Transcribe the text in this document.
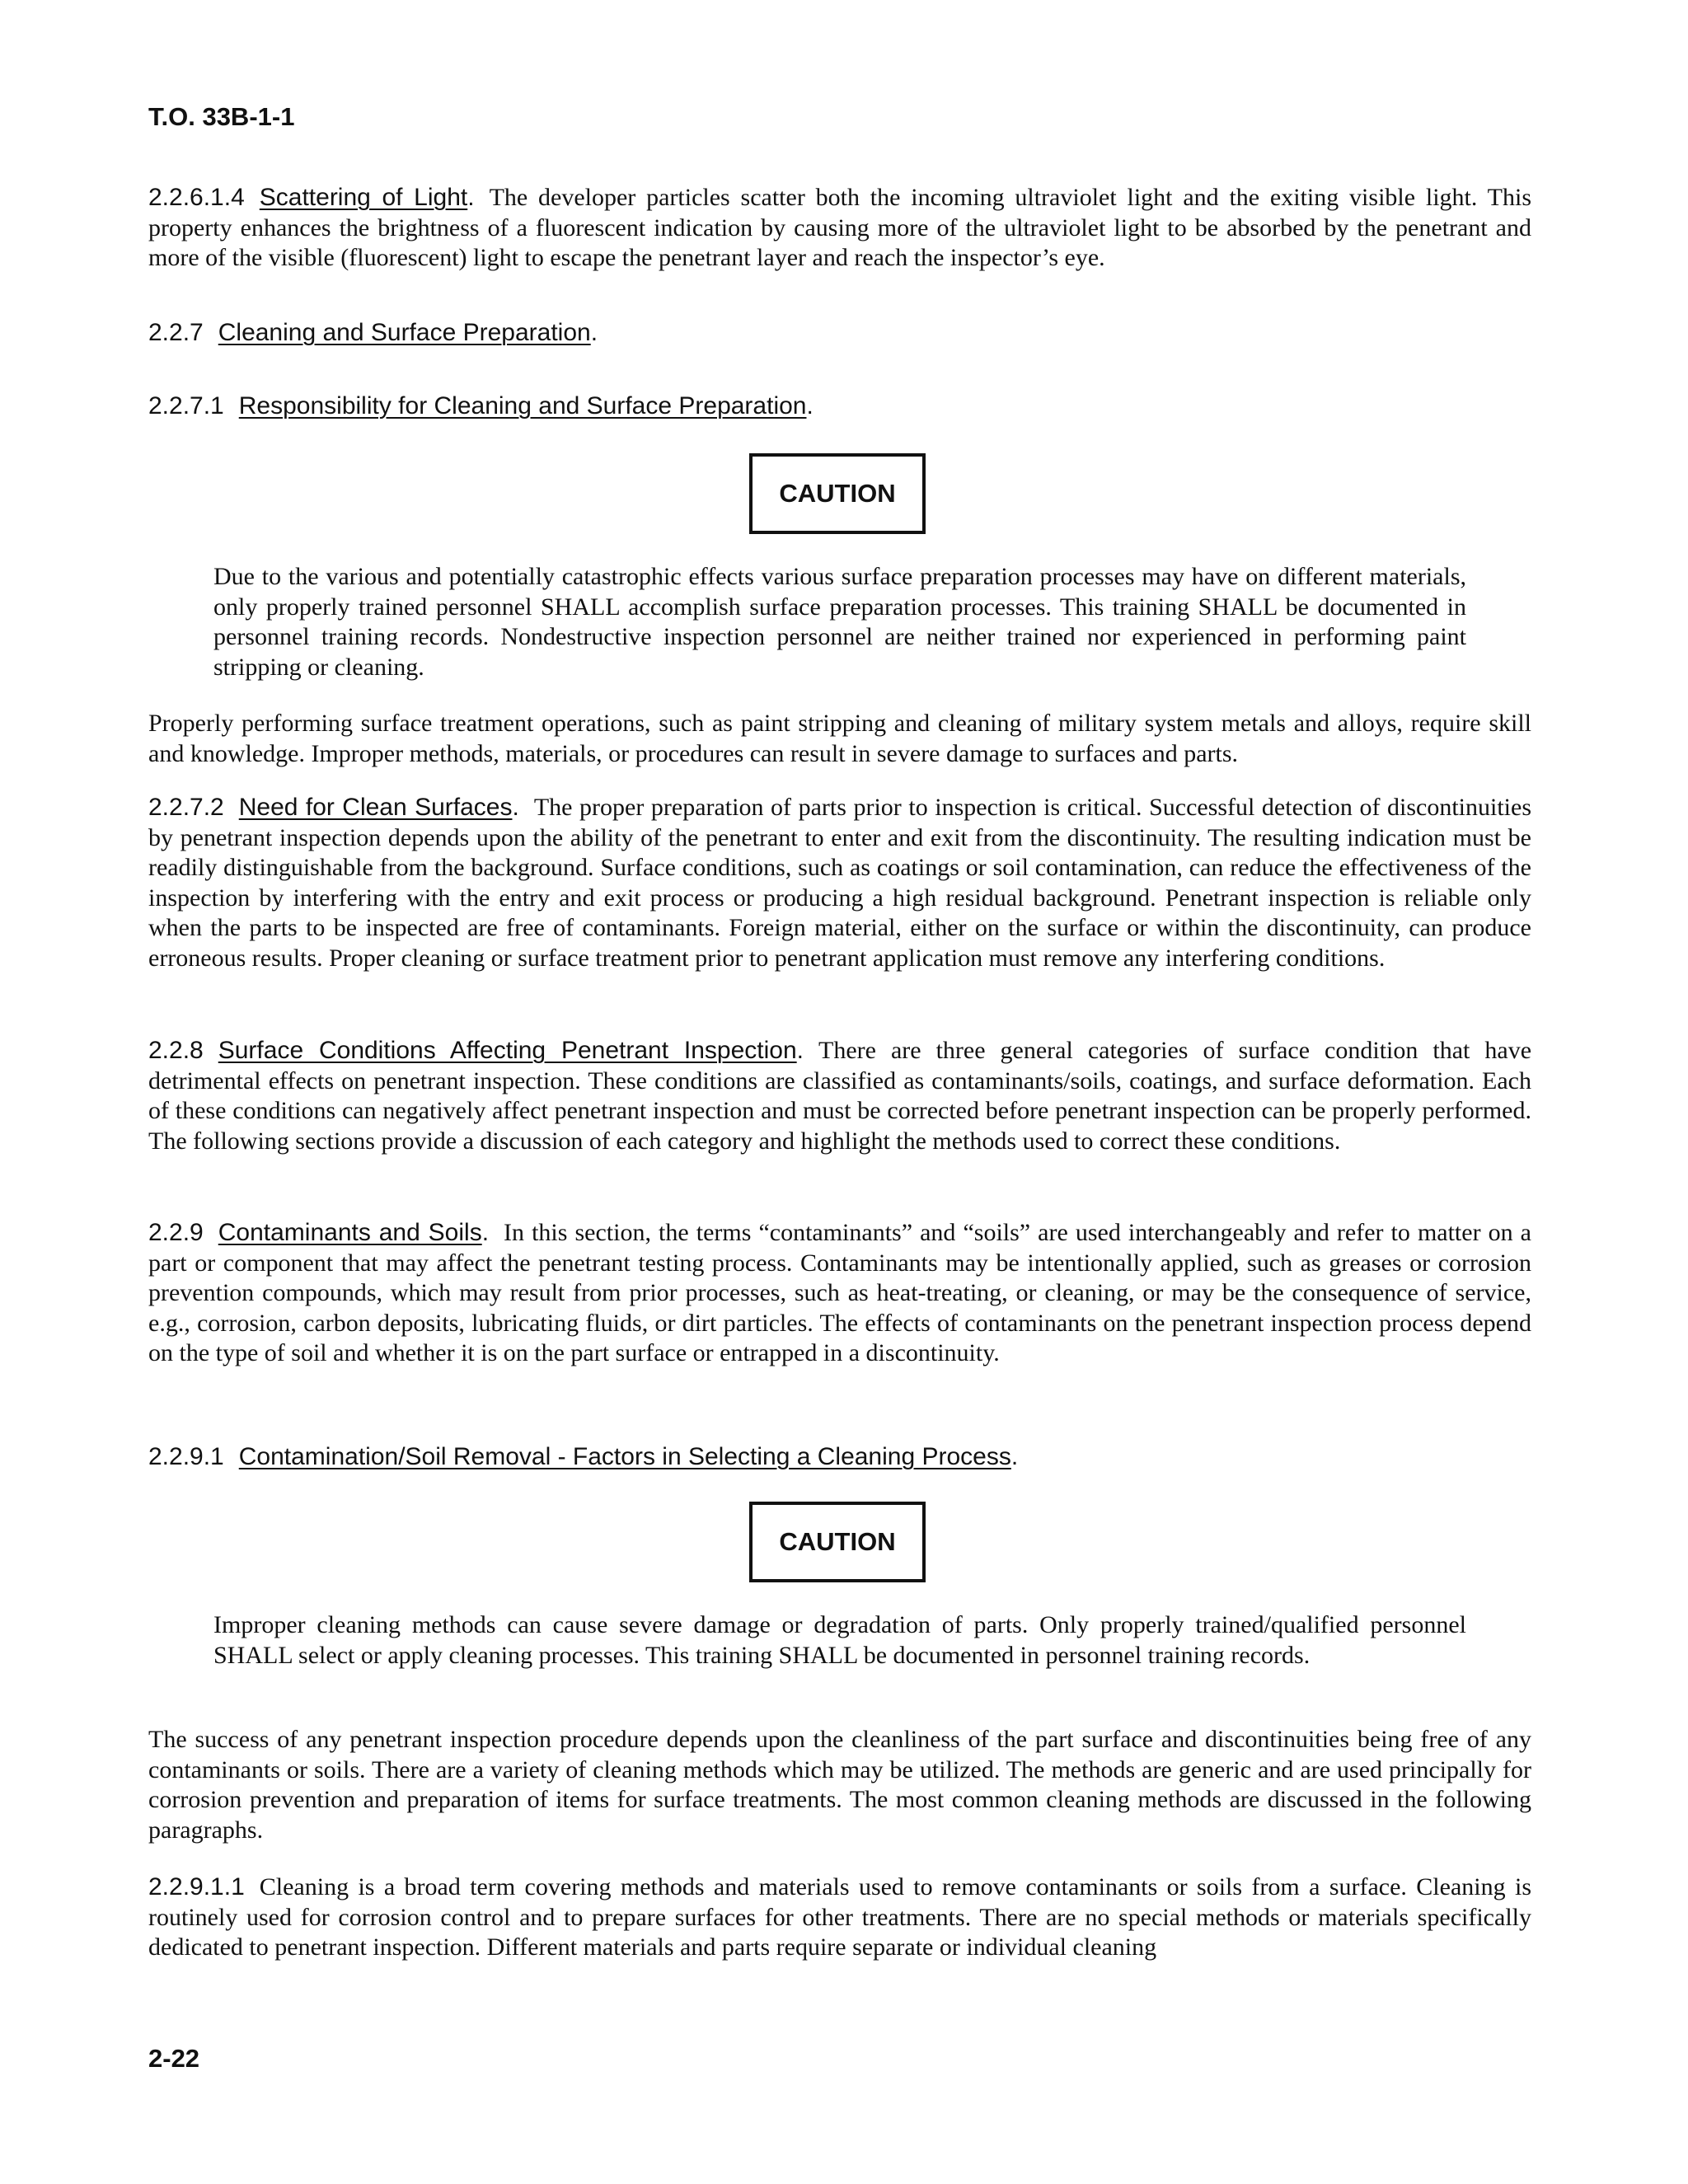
T.O. 33B-1-1
2.2.6.1.4 Scattering of Light. The developer particles scatter both the incoming ultraviolet light and the exiting visible light. This property enhances the brightness of a fluorescent indication by causing more of the ultraviolet light to be absorbed by the penetrant and more of the visible (fluorescent) light to escape the penetrant layer and reach the inspector’s eye.
2.2.7 Cleaning and Surface Preparation.
2.2.7.1 Responsibility for Cleaning and Surface Preparation.
CAUTION
Due to the various and potentially catastrophic effects various surface preparation processes may have on different materials, only properly trained personnel SHALL accomplish surface preparation processes. This training SHALL be documented in personnel training records. Nondestructive inspection personnel are neither trained nor experienced in performing paint stripping or cleaning.
Properly performing surface treatment operations, such as paint stripping and cleaning of military system metals and alloys, require skill and knowledge. Improper methods, materials, or procedures can result in severe damage to surfaces and parts.
2.2.7.2 Need for Clean Surfaces. The proper preparation of parts prior to inspection is critical. Successful detection of discontinuities by penetrant inspection depends upon the ability of the penetrant to enter and exit from the discontinuity. The resulting indication must be readily distinguishable from the background. Surface conditions, such as coatings or soil contamination, can reduce the effectiveness of the inspection by interfering with the entry and exit process or producing a high residual background. Penetrant inspection is reliable only when the parts to be inspected are free of contaminants. Foreign material, either on the surface or within the discontinuity, can produce erroneous results. Proper cleaning or surface treatment prior to penetrant application must remove any interfering conditions.
2.2.8 Surface Conditions Affecting Penetrant Inspection. There are three general categories of surface condition that have detrimental effects on penetrant inspection. These conditions are classified as contaminants/soils, coatings, and surface deformation. Each of these conditions can negatively affect penetrant inspection and must be corrected before penetrant inspection can be properly performed. The following sections provide a discussion of each category and highlight the methods used to correct these conditions.
2.2.9 Contaminants and Soils. In this section, the terms “contaminants” and “soils” are used interchangeably and refer to matter on a part or component that may affect the penetrant testing process. Contaminants may be intentionally applied, such as greases or corrosion prevention compounds, which may result from prior processes, such as heat-treating, or cleaning, or may be the consequence of service, e.g., corrosion, carbon deposits, lubricating fluids, or dirt particles. The effects of contaminants on the penetrant inspection process depend on the type of soil and whether it is on the part surface or entrapped in a discontinuity.
2.2.9.1 Contamination/Soil Removal - Factors in Selecting a Cleaning Process.
CAUTION
Improper cleaning methods can cause severe damage or degradation of parts. Only properly trained/qualified personnel SHALL select or apply cleaning processes. This training SHALL be documented in personnel training records.
The success of any penetrant inspection procedure depends upon the cleanliness of the part surface and discontinuities being free of any contaminants or soils. There are a variety of cleaning methods which may be utilized. The methods are generic and are used principally for corrosion prevention and preparation of items for surface treatments. The most common cleaning methods are discussed in the following paragraphs.
2.2.9.1.1 Cleaning is a broad term covering methods and materials used to remove contaminants or soils from a surface. Cleaning is routinely used for corrosion control and to prepare surfaces for other treatments. There are no special methods or materials specifically dedicated to penetrant inspection. Different materials and parts require separate or individual cleaning
2-22
